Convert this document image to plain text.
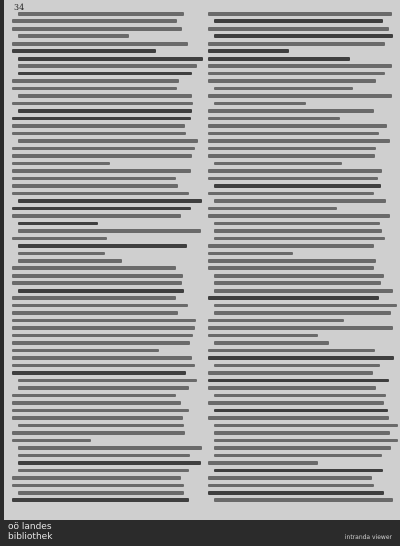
34
oö landes
bibliothek	intranda viewer
